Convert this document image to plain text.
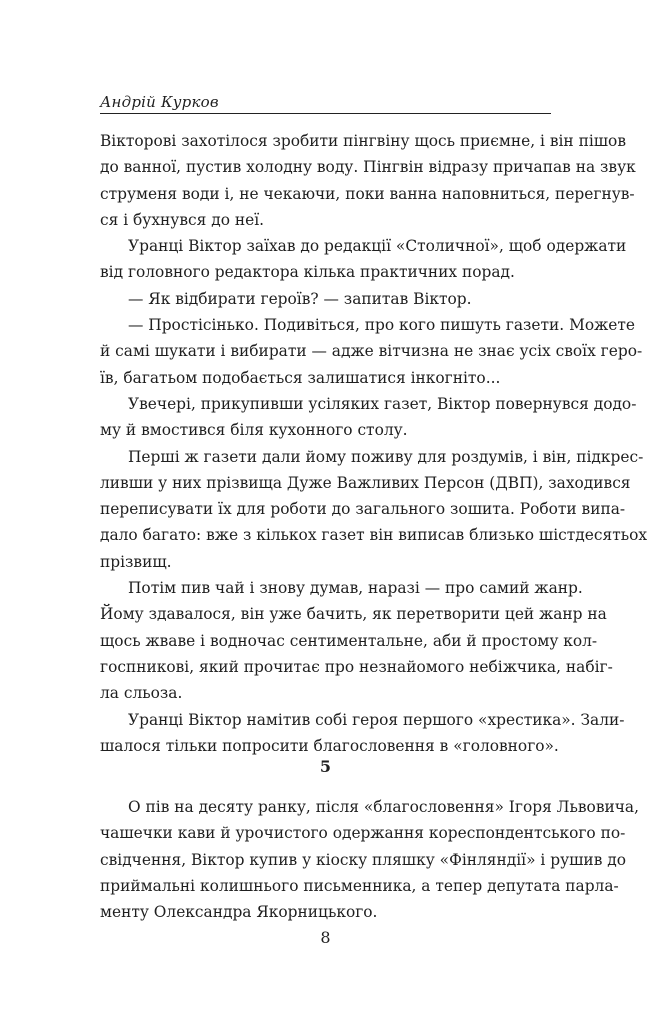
Андрій Курков
Вікторові захотілося зробити пінгвіну щось приємне, і він пішов
до ванної, пустив холодну воду. Пінгвін відразу причапав на звук
струменя води і, не чекаючи, поки ванна наповниться, перегнув-
ся і бухнувся до неї.
Уранці Віктор заїхав до редакції «Столичної», щоб одержати
від головного редактора кілька практичних порад.
— Як відбирати героїв? — запитав Віктор.
— Простісінько. Подивіться, про кого пишуть газети. Можете
й самі шукати і вибирати — адже вітчизна не знає усіх своїх геро-
їв, багатьом подобається залишатися інкогніто...
Увечері, прикупивши усіляких газет, Віктор повернувся додо-
му й вмостився біля кухонного столу.
Перші ж газети дали йому поживу для роздумів, і він, підкрес-
ливши у них прізвища Дуже Важливих Персон (ДВП), заходився
переписувати їх для роботи до загального зошита. Роботи випа-
дало багато: вже з кількох газет він виписав близько шістдесятьох
прізвищ.
Потім пив чай і знову думав, наразі — про самий жанр.
Йому здавалося, він уже бачить, як перетворити цей жанр на
щось жваве і водночас сентиментальне, аби й простому кол-
госпникові, який прочитає про незнайомого небіжчика, набіг-
ла сльоза.
Уранці Віктор намітив собі героя першого «хрестика». Зали-
шалося тільки попросити благословення в «головного».
5
О пів на десяту ранку, після «благословення» Ігоря Львовича,
чашечки кави й урочистого одержання кореспондентського по-
свідчення, Віктор купив у кіоску пляшку «Фінляндії» і рушив до
приймальні колишнього письменника, а тепер депутата парла-
менту Олександра Якорницького.
8
